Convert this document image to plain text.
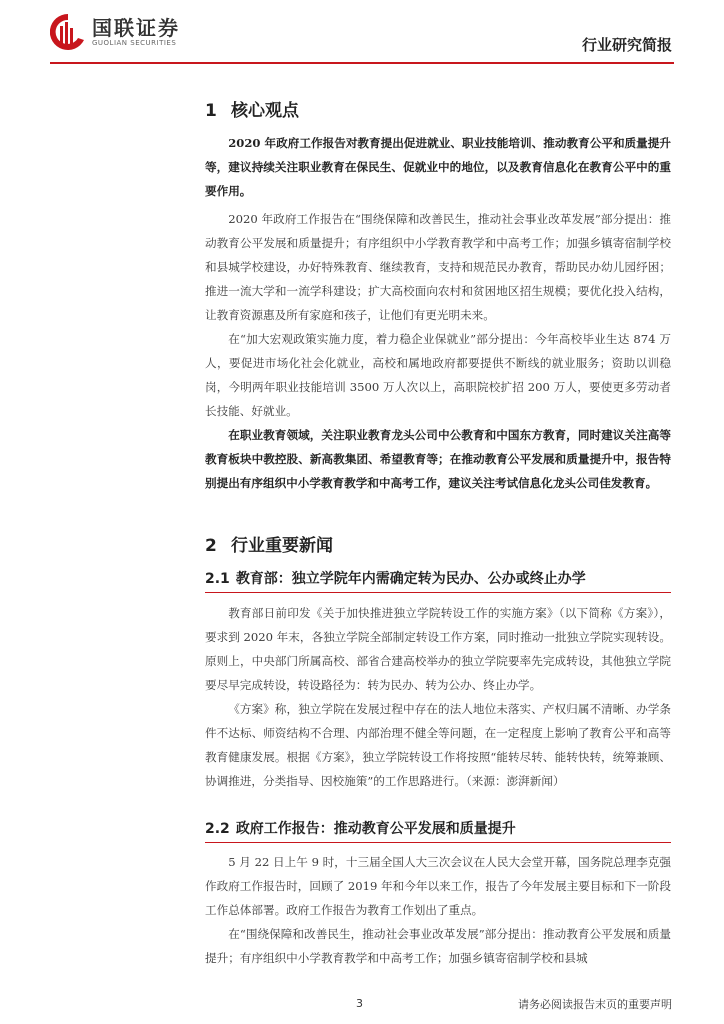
国联证券
GUOLIAN SECURITIES	行业研究简报
1 核心观点

2020 年政府工作报告对教育提出促进就业、职业技能培训、推动教育公平和质量提升等，建议持续关注职业教育在保民生、促就业中的地位，以及教育信息化在教育公平中的重要作用。

2020 年政府工作报告在“围绕保障和改善民生，推动社会事业改革发展”部分提出：推动教育公平发展和质量提升；有序组织中小学教育教学和中高考工作；加强乡镇寄宿制学校和县城学校建设，办好特殊教育、继续教育，支持和规范民办教育，帮助民办幼儿园纾困；推进一流大学和一流学科建设；扩大高校面向农村和贫困地区招生规模；要优化投入结构，让教育资源惠及所有家庭和孩子，让他们有更光明未来。

在“加大宏观政策实施力度，着力稳企业保就业”部分提出：今年高校毕业生达 874 万人，要促进市场化社会化就业，高校和属地政府都要提供不断线的就业服务；资助以训稳岗，今明两年职业技能培训 3500 万人次以上，高职院校扩招 200 万人，要使更多劳动者长技能、好就业。

在职业教育领域，关注职业教育龙头公司中公教育和中国东方教育，同时建议关注高等教育板块中教控股、新高教集团、希望教育等；在推动教育公平发展和质量提升中，报告特别提出有序组织中小学教育教学和中高考工作，建议关注考试信息化龙头公司佳发教育。

2 行业重要新闻
2.1 教育部：独立学院年内需确定转为民办、公办或终止办学

教育部日前印发《关于加快推进独立学院转设工作的实施方案》（以下简称《方案》），要求到 2020 年末，各独立学院全部制定转设工作方案，同时推动一批独立学院实现转设。原则上，中央部门所属高校、部省合建高校举办的独立学院要率先完成转设，其他独立学院要尽早完成转设，转设路径为：转为民办、转为公办、终止办学。

《方案》称，独立学院在发展过程中存在的法人地位未落实、产权归属不清晰、办学条件不达标、师资结构不合理、内部治理不健全等问题，在一定程度上影响了教育公平和高等教育健康发展。根据《方案》，独立学院转设工作将按照“能转尽转、能转快转，统筹兼顾、协调推进，分类指导、因校施策”的工作思路进行。（来源：澎湃新闻）

2.2 政府工作报告：推动教育公平发展和质量提升

5 月 22 日上午 9 时，十三届全国人大三次会议在人民大会堂开幕，国务院总理李克强作政府工作报告时，回顾了 2019 年和今年以来工作，报告了今年发展主要目标和下一阶段工作总体部署。政府工作报告为教育工作划出了重点。

在“围绕保障和改善民生，推动社会事业改革发展”部分提出：推动教育公平发展和质量提升；有序组织中小学教育教学和中高考工作；加强乡镇寄宿制学校和县城

3	请务必阅读报告末页的重要声明
